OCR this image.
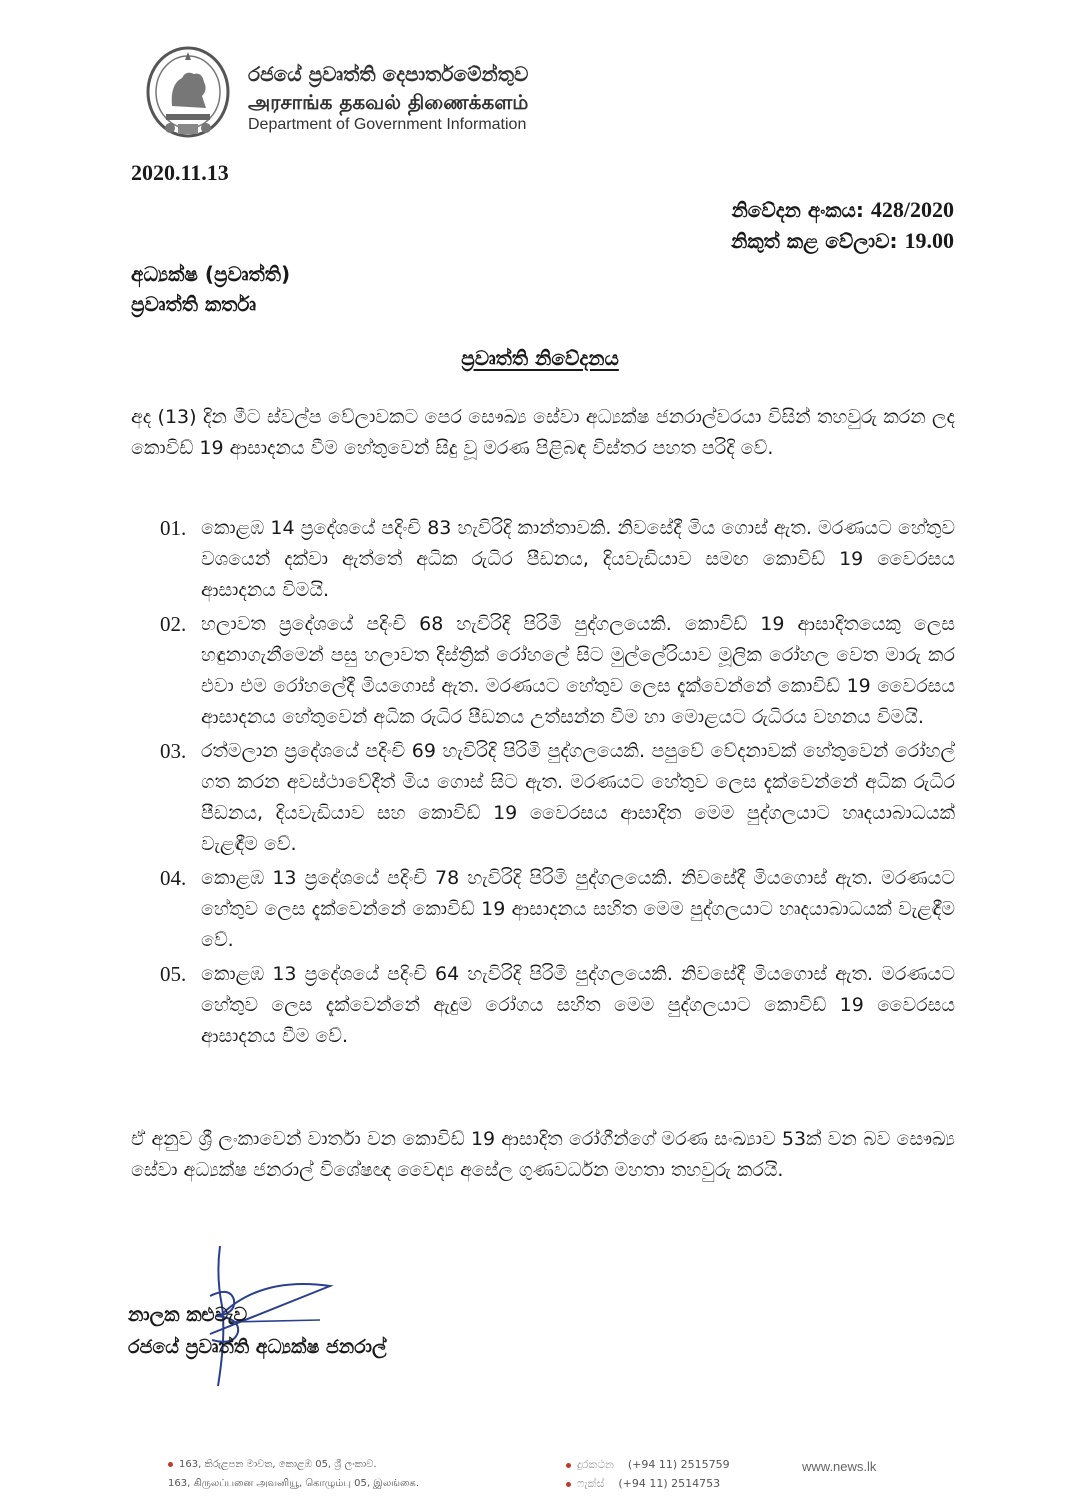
රජයේ ප්‍රවෘත්ති දෙපාර්තමේන්තුව
அரசாங்க தகவல் திணைக்களம்
Department of Government Information
2020.11.13
නිවේදන අංකය: 428/2020
නිකුත් කළ වේලාව: 19.00
අධ්‍යක්ෂ (ප්‍රවෘත්ති)
ප්‍රවෘත්ති කර්තෘ
ප්‍රවෘත්ති නිවේදනය
අද (13) දින මීට ස්වල්ප වේලාවකට පෙර සෞඛ්‍ය සේවා අධ්‍යක්ෂ ජනරාල්වරයා විසින් තහවුරු කරන ලද කොවිඩ් 19 ආසාදනය වීම හේතුවෙන් සිදු වූ මරණ පිළිබඳ විස්තර පහත පරිදි වේ.
01. කොළඹ 14 ප්‍රදේශයේ පදිංචි 83 හැවිරිදි කාන්තාවකි. නිවසේදී මිය ගොස් ඇත. මරණයට හේතුව වශයෙන් දක්වා ඇත්තේ අධික රුධිර පීඩනය, දියවැඩියාව සමඟ කොවිඩ් 19 වෛරසය ආසාදනය විමයි.
02. හලාවත ප්‍රදේශයේ පදිංචි 68 හැවිරිදි පිරිමි පුද්ගලයෙකි. කොවිඩ් 19 ආසාදිතයෙකු ලෙස හඳුනාගැනීමෙන් පසු හලාවත දිස්ත්‍රික් රෝහලේ සිට මුල්ලේරියාව මූලික රෝහල වෙත මාරු කර එවා එම රෝහලේදී මියගොස් ඇත. මරණයට හේතුව ලෙස දැක්වෙන්නේ කොවිඩ් 19 වෛරසය ආසාදනය හේතුවෙන් අධික රුධිර පීඩනය උත්සන්න වීම හා මොළයට රුධිරය වහනය විමයි.
03. රත්මලාන ප්‍රදේශයේ පදිංචි 69 හැවිරිදි පිරිමි පුද්ගලයෙකි. පපුවේ වේදනාවක් හේතුවෙන් රෝහල් ගත කරන අවස්ථාවේදීත් මිය ගොස් සිට ඇත. මරණයට හේතුව ලෙස දැක්වෙන්නේ අධික රුධිර පීඩනය, දියවැඩියාව සහ කොවිඩ් 19 වෛරසය ආසාදිත මෙම පුද්ගලයාට හෘදයාබාධයක් වැළඳීම වේ.
04. කොළඹ 13 ප්‍රදේශයේ පදිංචි 78 හැවිරිදි පිරිමි පුද්ගලයෙකි. නිවසේදී මියගොස් ඇත. මරණයට හේතුව ලෙස දැක්වෙන්නේ කොවිඩ් 19 ආසාදනය සහිත මෙම පුද්ගලයාට හෘදයාබාධයක් වැළඳීම වේ.
05. කොළඹ 13 ප්‍රදේශයේ පදිංචි 64 හැවිරිදි පිරිමි පුද්ගලයෙකි. නිවසේදී මියගොස් ඇත. මරණයට හේතුව ලෙස දැක්වෙන්නේ ඇදුම රෝගය සහිත මෙම පුද්ගලයාට කොවිඩ් 19 වෛරසය ආසාදනය වීම වේ.
ඒ අනුව ශ්‍රී ලංකාවෙන් වාර්තා වන කොවිඩ් 19 ආසාදිත රෝගීන්ගේ මරණ සංඛ්‍යාව 53ක් වන බව සෞඛ්‍ය සේවා අධ්‍යක්ෂ ජනරාල් විශේෂඥ වෛද්‍ය අසේල ගුණවර්ධන මහතා තහවුරු කරයි.
නාලක කළුවැව
රජයේ ප්‍රවෘත්ති අධ්‍යක්ෂ ජනරාල්
163, කිරුළපන මාවත, කොළඹ 05, ශ්‍රී ලංකාව.
163, கிருலப்பனை அவனியூ, கொழும்பு 05, இலங்கை.
දුරකථන (+94 11) 2515759
ෆැක්ස් (+94 11) 2514753
www.news.lk
